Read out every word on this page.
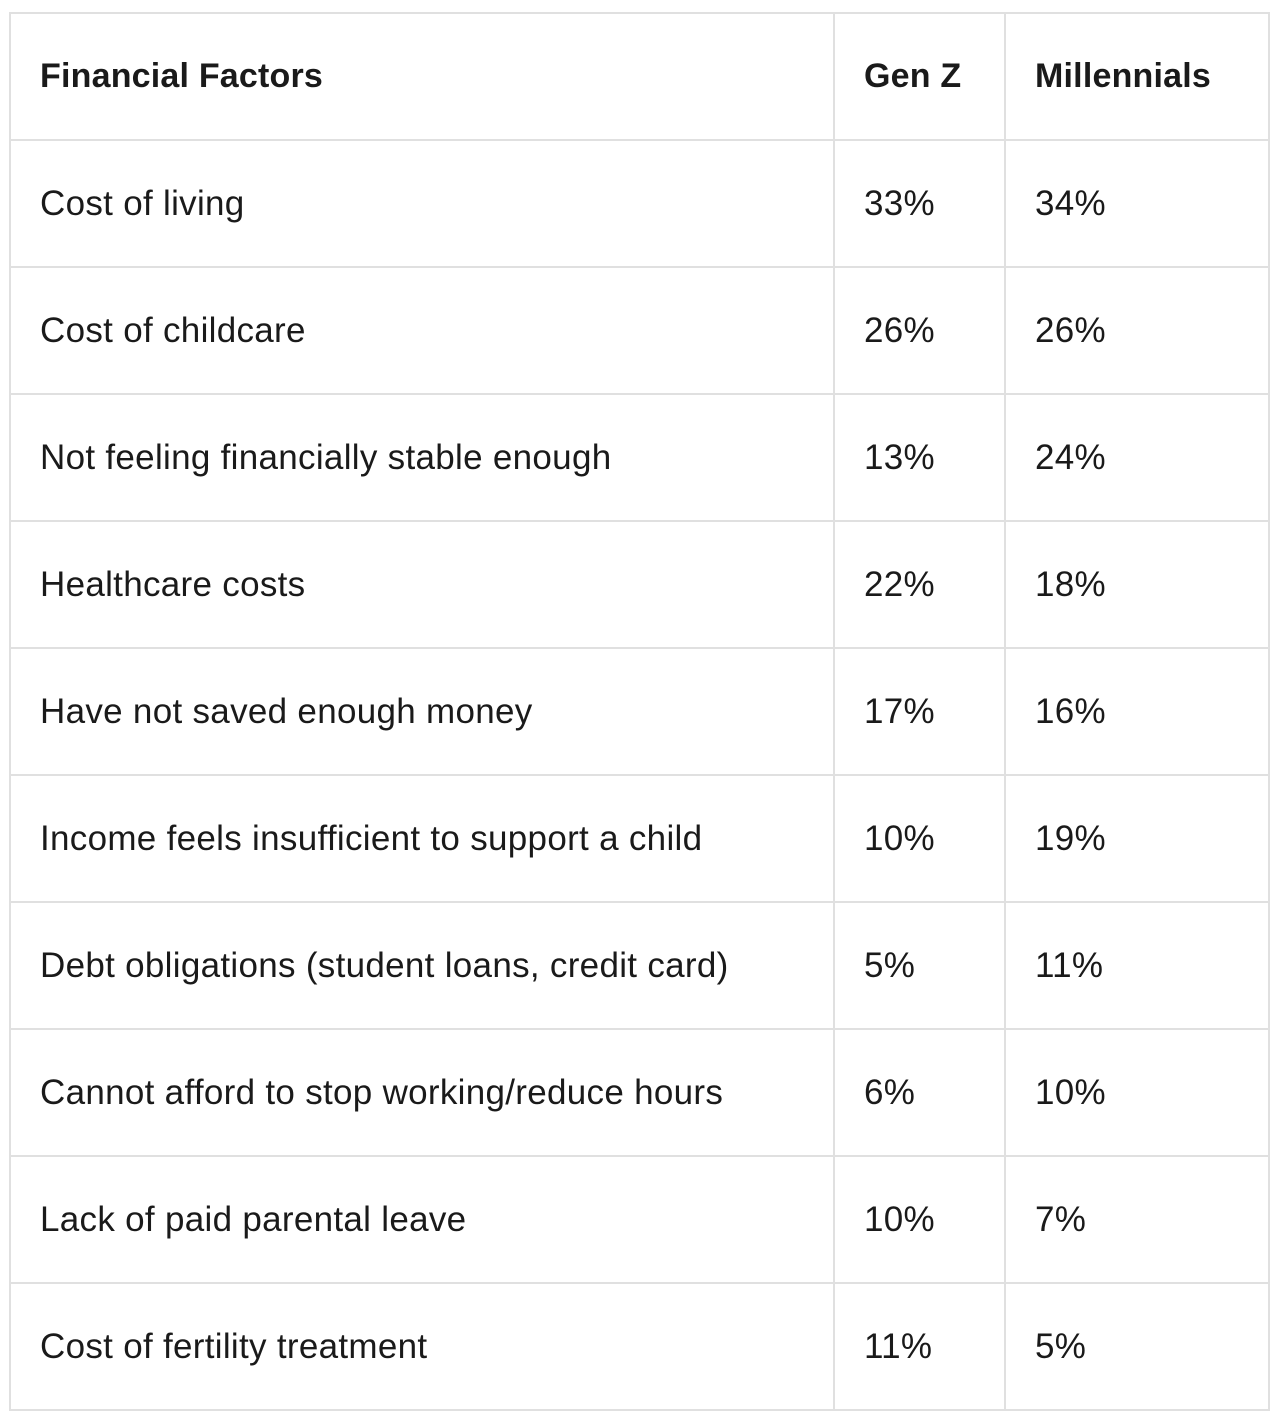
Financial Factors	Gen Z	Millennials
Cost of living	33%	34%
Cost of childcare	26%	26%
Not feeling financially stable enough	13%	24%
Healthcare costs	22%	18%
Have not saved enough money	17%	16%
Income feels insufficient to support a child	10%	19%
Debt obligations (student loans, credit card)	5%	11%
Cannot afford to stop working/reduce hours	6%	10%
Lack of paid parental leave	10%	7%
Cost of fertility treatment	11%	5%
